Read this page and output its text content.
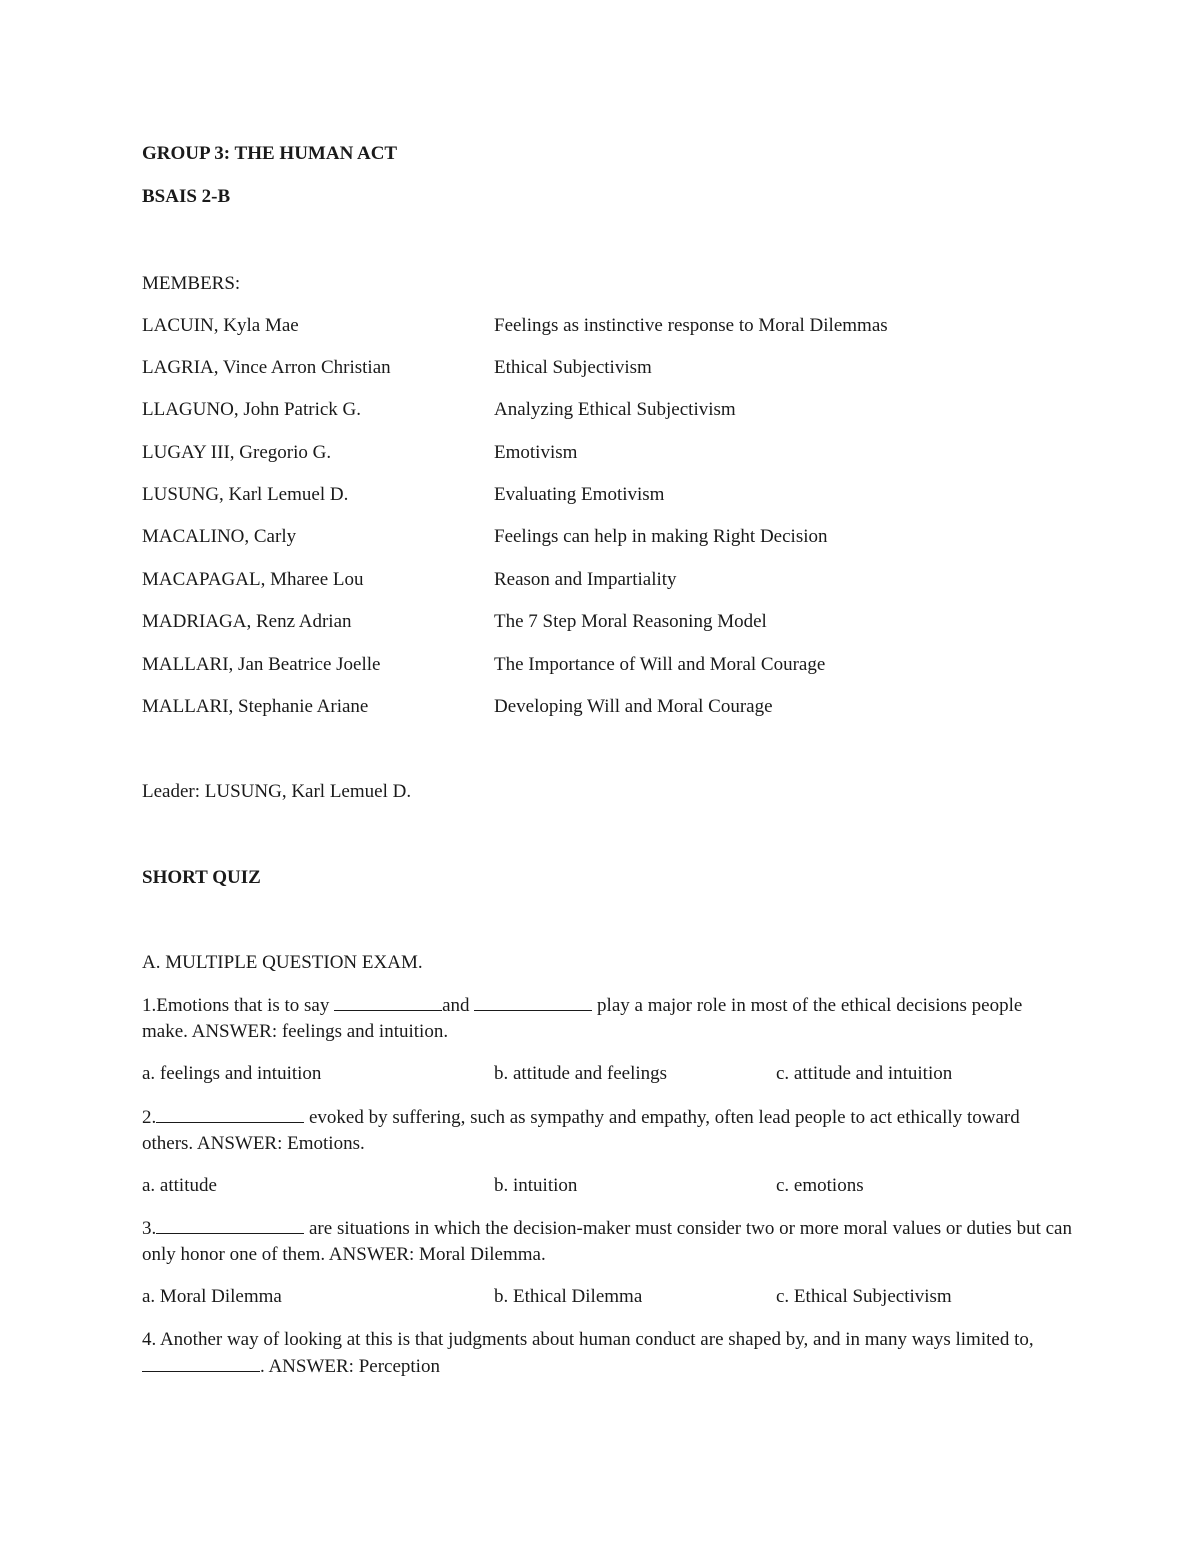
GROUP 3: THE HUMAN ACT
BSAIS 2-B
MEMBERS:
LACUIN, Kyla Mae	Feelings as instinctive response to Moral Dilemmas
LAGRIA, Vince Arron Christian	Ethical Subjectivism
LLAGUNO, John Patrick G.	Analyzing Ethical Subjectivism
LUGAY III, Gregorio G.	Emotivism
LUSUNG, Karl Lemuel D.	Evaluating Emotivism
MACALINO, Carly	Feelings can help in making Right Decision
MACAPAGAL, Mharee Lou	Reason and Impartiality
MADRIAGA, Renz Adrian	The 7 Step Moral Reasoning Model
MALLARI, Jan Beatrice Joelle	The Importance of Will and Moral Courage
MALLARI, Stephanie Ariane	Developing Will and Moral Courage
Leader: LUSUNG, Karl Lemuel D.
SHORT QUIZ
A. MULTIPLE QUESTION EXAM.
1.Emotions that is to say	and	play a major role in most of the ethical decisions people make. ANSWER: feelings and intuition.
a. feelings and intuition	b. attitude and feelings	c. attitude and intuition
2.	evoked by suffering, such as sympathy and empathy, often lead people to act ethically toward others. ANSWER: Emotions.
a. attitude	b. intuition	c. emotions
3.	are situations in which the decision-maker must consider two or more moral values or duties but can only honor one of them. ANSWER: Moral Dilemma.
a. Moral Dilemma	b. Ethical Dilemma	c. Ethical Subjectivism
4. Another way of looking at this is that judgments about human conduct are shaped by, and in many ways limited to, . ANSWER: Perception
